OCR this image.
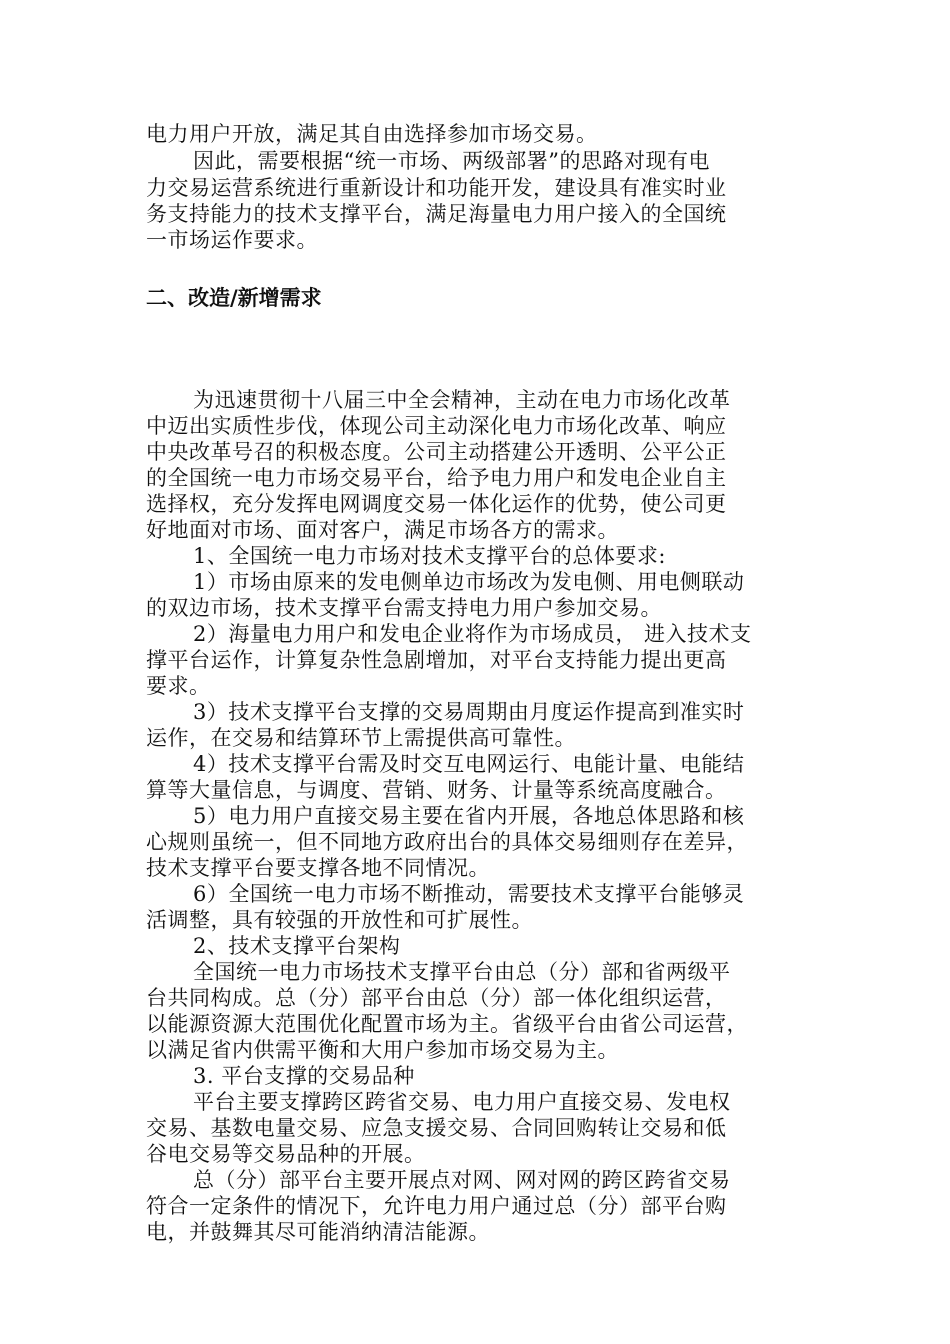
电力用户开放，满足其自由选择参加市场交易。
因此，需要根据“统一市场、两级部署”的思路对现有电
力交易运营系统进行重新设计和功能开发，建设具有准实时业
务支持能力的技术支撑平台，满足海量电力用户接入的全国统
一市场运作要求。
二、改造/新增需求
为迅速贯彻十八届三中全会精神，主动在电力市场化改革
中迈出实质性步伐，体现公司主动深化电力市场化改革、响应
中央改革号召的积极态度。公司主动搭建公开透明、公平公正
的全国统一电力市场交易平台，给予电力用户和发电企业自主
选择权，充分发挥电网调度交易一体化运作的优势，使公司更
好地面对市场、面对客户，满足市场各方的需求。
1、全国统一电力市场对技术支撑平台的总体要求:
1）市场由原来的发电侧单边市场改为发电侧、用电侧联动
的双边市场，技术支撑平台需支持电力用户参加交易。
2）海量电力用户和发电企业将作为市场成员， 进入技术支
撑平台运作，计算复杂性急剧增加，对平台支持能力提出更高
要求。
3）技术支撑平台支撑的交易周期由月度运作提高到准实时
运作，在交易和结算环节上需提供高可靠性。
4）技术支撑平台需及时交互电网运行、电能计量、电能结
算等大量信息，与调度、营销、财务、计量等系统高度融合。
5）电力用户直接交易主要在省内开展，各地总体思路和核
心规则虽统一，但不同地方政府出台的具体交易细则存在差异，
技术支撑平台要支撑各地不同情况。
6）全国统一电力市场不断推动，需要技术支撑平台能够灵
活调整，具有较强的开放性和可扩展性。
2、技术支撑平台架构
全国统一电力市场技术支撑平台由总（分）部和省两级平
台共同构成。总（分）部平台由总（分）部一体化组织运营，
以能源资源大范围优化配置市场为主。省级平台由省公司运营，
以满足省内供需平衡和大用户参加市场交易为主。
3. 平台支撑的交易品种
平台主要支撑跨区跨省交易、电力用户直接交易、发电权
交易、基数电量交易、应急支援交易、合同回购转让交易和低
谷电交易等交易品种的开展。
总（分）部平台主要开展点对网、网对网的跨区跨省交易
符合一定条件的情况下，允许电力用户通过总（分）部平台购
电，并鼓舞其尽可能消纳清洁能源。
